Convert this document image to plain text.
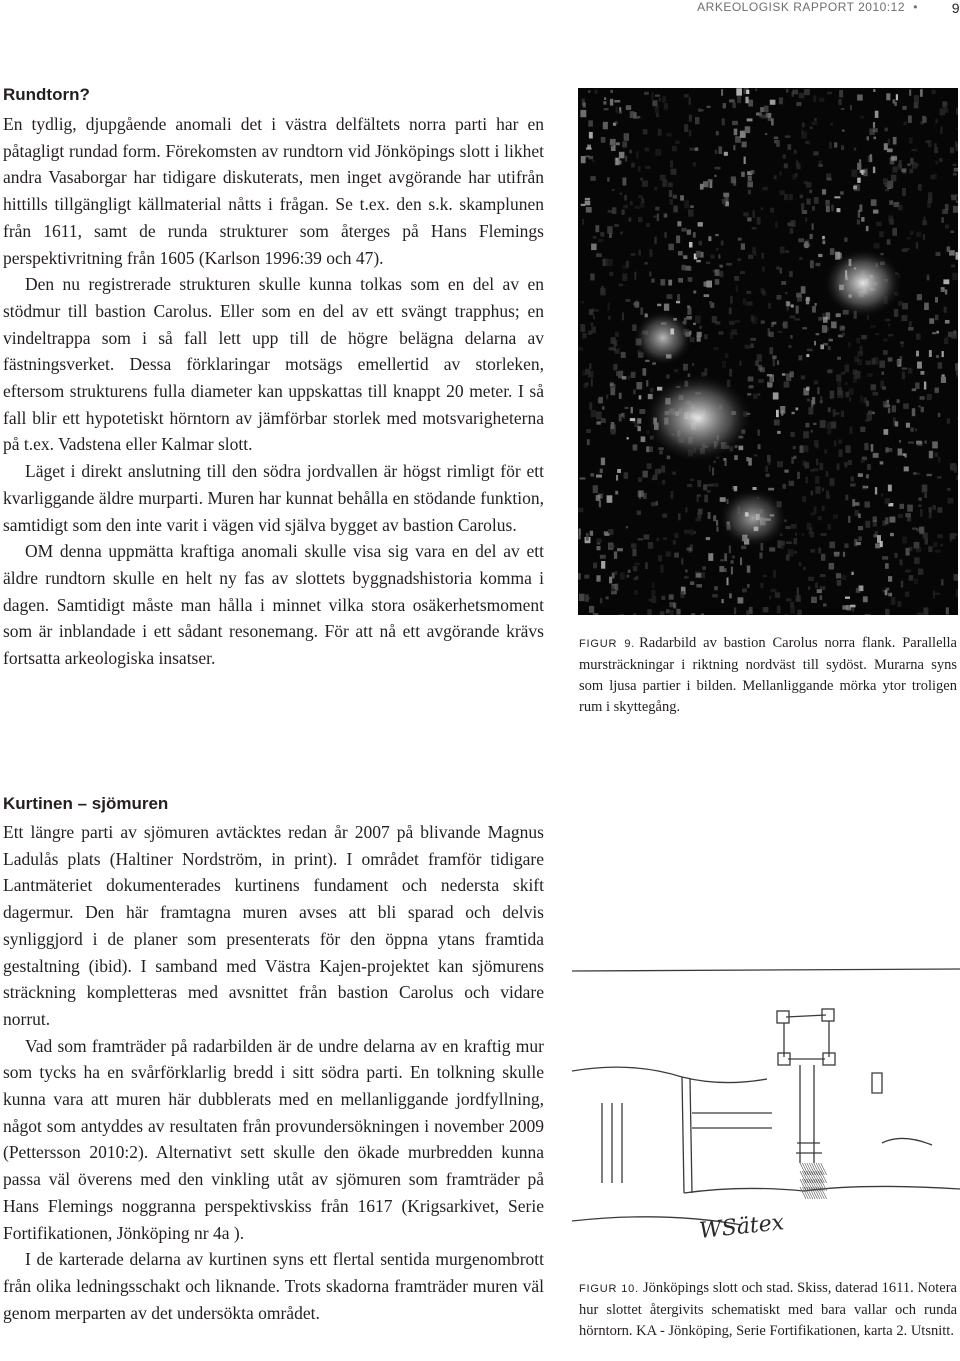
ARKEOLOGISK RAPPORT 2010:12 • 9
Rundtorn?

En tydlig, djupgående anomali det i västra delfältets norra parti har en påtagligt rundad form. Förekomsten av rundtorn vid Jönköpings slott i likhet andra Vasaborgar har tidigare diskuterats, men inget avgörande har utifrån hittills tillgängligt källmaterial nåtts i frågan. Se t.ex. den s.k. skamplunen från 1611, samt de runda strukturer som återges på Hans Flemings perspektivritning från 1605 (Karlson 1996:39 och 47).

Den nu registrerade strukturen skulle kunna tolkas som en del av en stödmur till bastion Carolus. Eller som en del av ett svängt trapphus; en vindeltrappa som i så fall lett upp till de högre belägna delarna av fästningsverket. Dessa förklaringar motsägs emellertid av storleken, eftersom strukturens fulla diameter kan uppskattas till knappt 20 meter. I så fall blir ett hypotetiskt hörntorn av jämförbar storlek med motsvarigheterna på t.ex. Vadstena eller Kalmar slott.

Läget i direkt anslutning till den södra jordvallen är högst rimligt för ett kvarliggande äldre murparti. Muren har kunnat behålla en stödande funktion, samtidigt som den inte varit i vägen vid själva bygget av bastion Carolus.

OM denna uppmätta kraftiga anomali skulle visa sig vara en del av ett äldre rundtorn skulle en helt ny fas av slottets byggnadshistoria komma i dagen. Samtidigt måste man hålla i minnet vilka stora osäkerhetsmoment som är inblandade i ett sådant resonemang. För att nå ett avgörande krävs fortsatta arkeologiska insatser.

Kurtinen – sjömuren

Ett längre parti av sjömuren avtäcktes redan år 2007 på blivande Magnus Ladulås plats (Haltiner Nordström, in print). I området framför tidigare Lantmäteriet dokumenterades kurtinens fundament och nedersta skift dagermur. Den här framtagna muren avses att bli sparad och delvis synliggjord i de planer som presenterats för den öppna ytans framtida gestaltning (ibid). I samband med Västra Kajen-projektet kan sjömurens sträckning kompletteras med avsnittet från bastion Carolus och vidare norrut.

Vad som framträder på radarbilden är de undre delarna av en kraftig mur som tycks ha en svårförklarlig bredd i sitt södra parti. En tolkning skulle kunna vara att muren här dubblerats med en mellanliggande jordfyllning, något som antyddes av resultaten från provundersökningen i november 2009 (Pettersson 2010:2). Alternativt sett skulle den ökade murbredden kunna passa väl överens med den vinkling utåt av sjömuren som framträder på Hans Flemings noggranna perspektivskiss från 1617 (Krigsarkivet, Serie Fortifikationen, Jönköping nr 4a ).

I de karterade delarna av kurtinen syns ett flertal sentida murgenombrott från olika ledningsschakt och liknande. Trots skadorna framträder muren väl genom merparten av det undersökta området.

FIGUR 9. Radarbild av bastion Carolus norra flank. Parallella mursträckningar i riktning nordväst till sydöst. Murarna syns som ljusa partier i bilden. Mellanliggande mörka ytor troligen rum i skyttegång.

WSätex

FIGUR 10. Jönköpings slott och stad. Skiss, daterad 1611. Notera hur slottet återgivits schematiskt med bara vallar och runda hörntorn. KA - Jönköping, Serie Fortifikationen, karta 2. Utsnitt.
